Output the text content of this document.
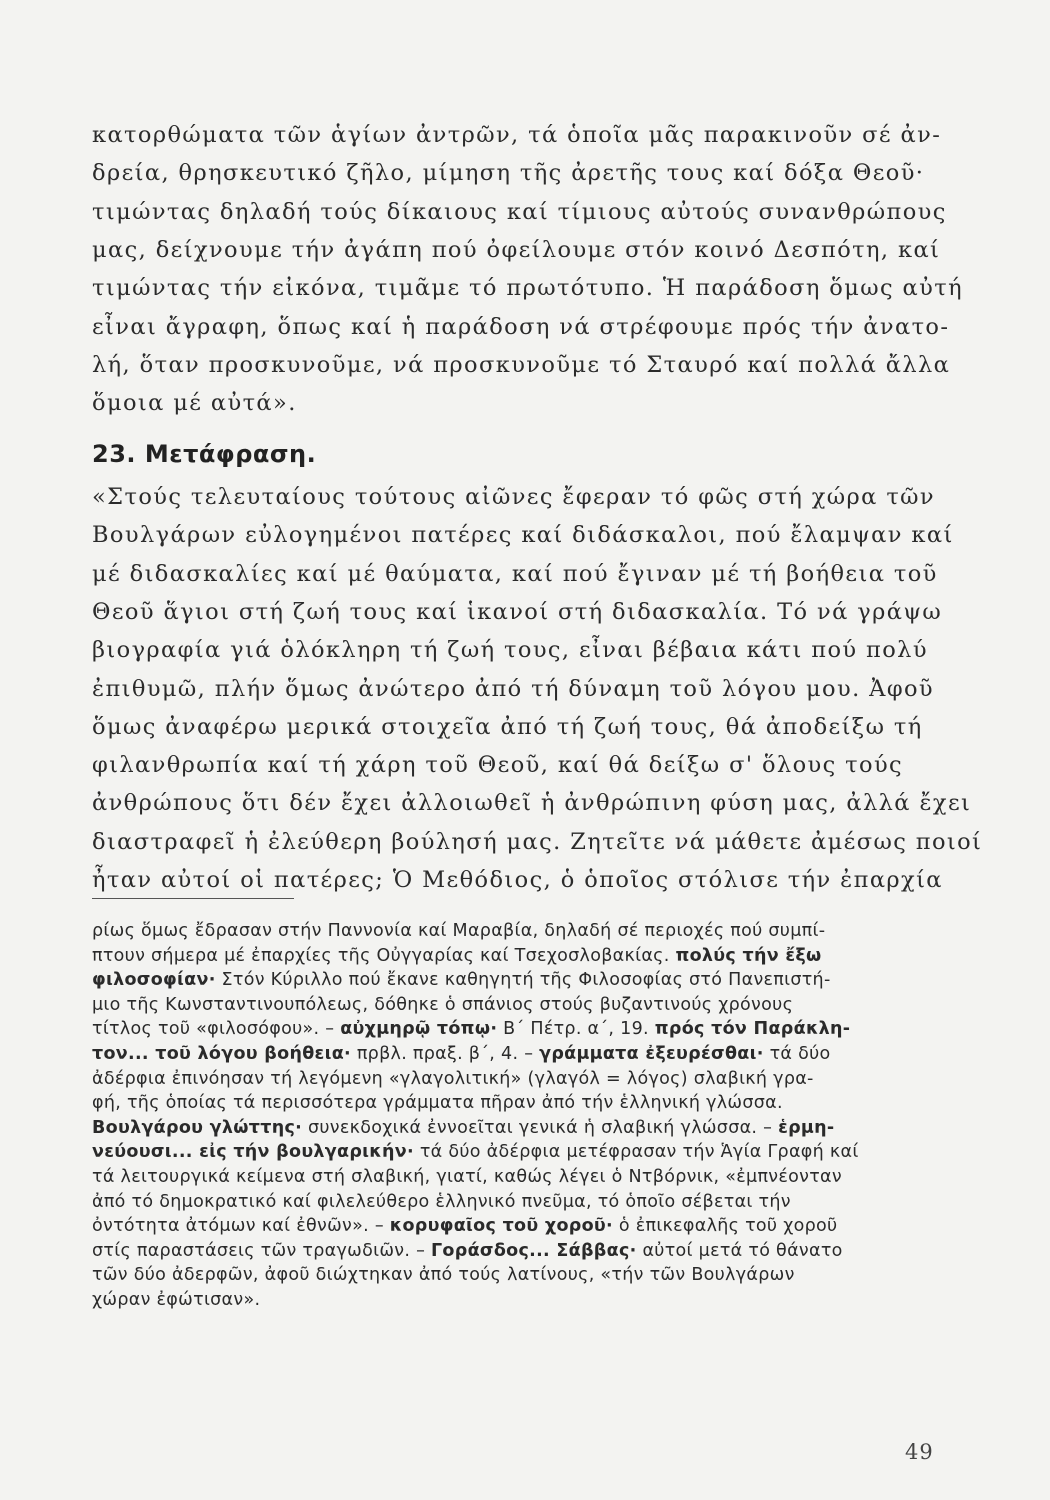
κατορθώματα τῶν ἁγίων ἀντρῶν, τά ὁποῖα μᾶς παρακινοῦν σέ ἀν-
δρεία, θρησκευτικό ζῆλο, μίμηση τῆς ἀρετῆς τους καί δόξα Θεοῦ·
τιμώντας δηλαδή τούς δίκαιους καί τίμιους αὐτούς συνανθρώπους
μας, δείχνουμε τήν ἀγάπη πού ὀφείλουμε στόν κοινό Δεσπότη, καί
τιμώντας τήν εἰκόνα, τιμᾶμε τό πρωτότυπο. Ἡ παράδοση ὅμως αὐτή
εἶναι ἄγραφη, ὅπως καί ἡ παράδοση νά στρέφουμε πρός τήν ἀνατο-
λή, ὅταν προσκυνοῦμε, νά προσκυνοῦμε τό Σταυρό καί πολλά ἄλλα
ὅμοια μέ αὐτά».
23. Μετάφραση.
«Στούς τελευταίους τούτους αἰῶνες ἔφεραν τό φῶς στή χώρα τῶν
Βουλγάρων εὐλογημένοι πατέρες καί διδάσκαλοι, πού ἔλαμψαν καί
μέ διδασκαλίες καί μέ θαύματα, καί πού ἔγιναν μέ τή βοήθεια τοῦ
Θεοῦ ἅγιοι στή ζωή τους καί ἱκανοί στή διδασκαλία. Τό νά γράψω
βιογραφία γιά ὁλόκληρη τή ζωή τους, εἶναι βέβαια κάτι πού πολύ
ἐπιθυμῶ, πλήν ὅμως ἀνώτερο ἀπό τή δύναμη τοῦ λόγου μου. Ἀφοῦ
ὅμως ἀναφέρω μερικά στοιχεῖα ἀπό τή ζωή τους, θά ἀποδείξω τή
φιλανθρωπία καί τή χάρη τοῦ Θεοῦ, καί θά δείξω σ' ὅλους τούς
ἀνθρώπους ὅτι δέν ἔχει ἀλλοιωθεῖ ἡ ἀνθρώπινη φύση μας, ἀλλά ἔχει
διαστραφεῖ ἡ ἐλεύθερη βούλησή μας. Ζητεῖτε νά μάθετε ἀμέσως ποιοί
ἦταν αὐτοί οἱ πατέρες; Ὁ Μεθόδιος, ὁ ὁποῖος στόλισε τήν ἐπαρχία
ρίως ὅμως ἔδρασαν στήν Παννονία καί Μαραβία, δηλαδή σέ περιοχές πού συμπί-
πτουν σήμερα μέ ἐπαρχίες τῆς Οὐγγαρίας καί Τσεχοσλοβακίας. πολύς τήν ἔξω
φιλοσοφίαν· Στόν Κύριλλο πού ἔκανε καθηγητή τῆς Φιλοσοφίας στό Πανεπιστή-
μιο τῆς Κωνσταντινουπόλεως, δόθηκε ὁ σπάνιος στούς βυζαντινούς χρόνους
τίτλος τοῦ «φιλοσόφου». – αὐχμηρῷ τόπῳ· Β΄ Πέτρ. α΄, 19. πρός τόν Παράκλη-
τον... τοῦ λόγου βοήθεια· πρβλ. πραξ. β΄, 4. – γράμματα ἐξευρέσθαι· τά δύο
ἀδέρφια ἐπινόησαν τή λεγόμενη «γλαγολιτική» (γλαγόλ = λόγος) σλαβική γρα-
φή, τῆς ὁποίας τά περισσότερα γράμματα πῆραν ἀπό τήν ἑλληνική γλώσσα.
Βουλγάρου γλώττης· συνεκδοχικά ἐννοεῖται γενικά ἡ σλαβική γλώσσα. – ἑρμη-
νεύουσι... εἰς τήν βουλγαρικήν· τά δύο ἀδέρφια μετέφρασαν τήν Ἁγία Γραφή καί
τά λειτουργικά κείμενα στή σλαβική, γιατί, καθώς λέγει ὁ Ντβόρνικ, «ἐμπνέονταν
ἀπό τό δημοκρατικό καί φιλελεύθερο ἑλληνικό πνεῦμα, τό ὁποῖο σέβεται τήν
ὀντότητα ἀτόμων καί ἐθνῶν». – κορυφαῖος τοῦ χοροῦ· ὁ ἐπικεφαλῆς τοῦ χοροῦ
στίς παραστάσεις τῶν τραγωδιῶν. – Γοράσδος... Σάββας· αὐτοί μετά τό θάνατο
τῶν δύο ἀδερφῶν, ἀφοῦ διώχτηκαν ἀπό τούς λατίνους, «τήν τῶν Βουλγάρων
χώραν ἐφώτισαν».
49
